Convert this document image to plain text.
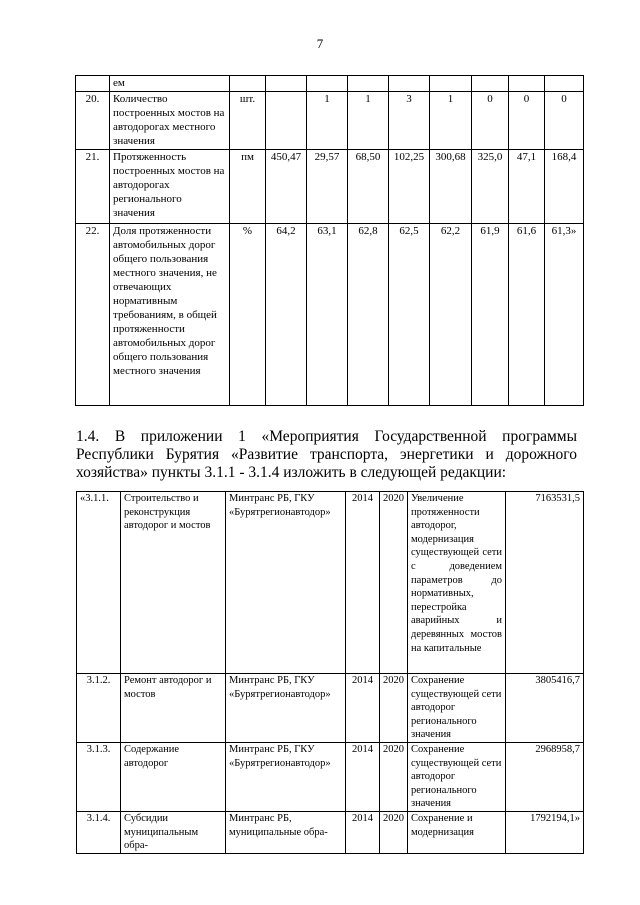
7
	ем									
20.	Количество построенных мостов на автодорогах местного значения	шт.		1	1	3	1	0	0	0
21.	Протяженность построенных мостов на автодорогах регионального значения	пм	450,47	29,57	68,50	102,25	300,68	325,0	47,1	168,4
22.	Доля протяженности автомобильных дорог общего пользования местного значения, не отвечающих нормативным требованиям, в общей протяженности автомобильных дорог общего пользования местного значения	%	64,2	63,1	62,8	62,5	62,2	61,9	61,6	61,3»
1.4. В приложении 1 «Мероприятия Государственной программы Республики Бурятия «Развитие транспорта, энергетики и дорожного хозяйства» пункты 3.1.1 - 3.1.4 изложить в следующей редакции:
«3.1.1.	Строительство и реконструкция автодорог и мостов	Минтранс РБ, ГКУ «Бурятрегионавтодор»	2014	2020	Увеличение протяженности автодорог, модернизация существующей сети с доведением параметров до нормативных, перестройка аварийных и деревянных мостов на капитальные	7163531,5
3.1.2.	Ремонт автодорог и мостов	Минтранс РБ, ГКУ «Бурятрегионавтодор»	2014	2020	Сохранение существующей сети автодорог регионального значения	3805416,7
3.1.3.	Содержание автодорог	Минтранс РБ, ГКУ «Бурятрегионавтодор»	2014	2020	Сохранение существующей сети автодорог регионального значения	2968958,7
3.1.4.	Субсидии муниципальным обра-	Минтранс РБ, муниципальные обра-	2014	2020	Сохранение и модернизация	1792194,1»
